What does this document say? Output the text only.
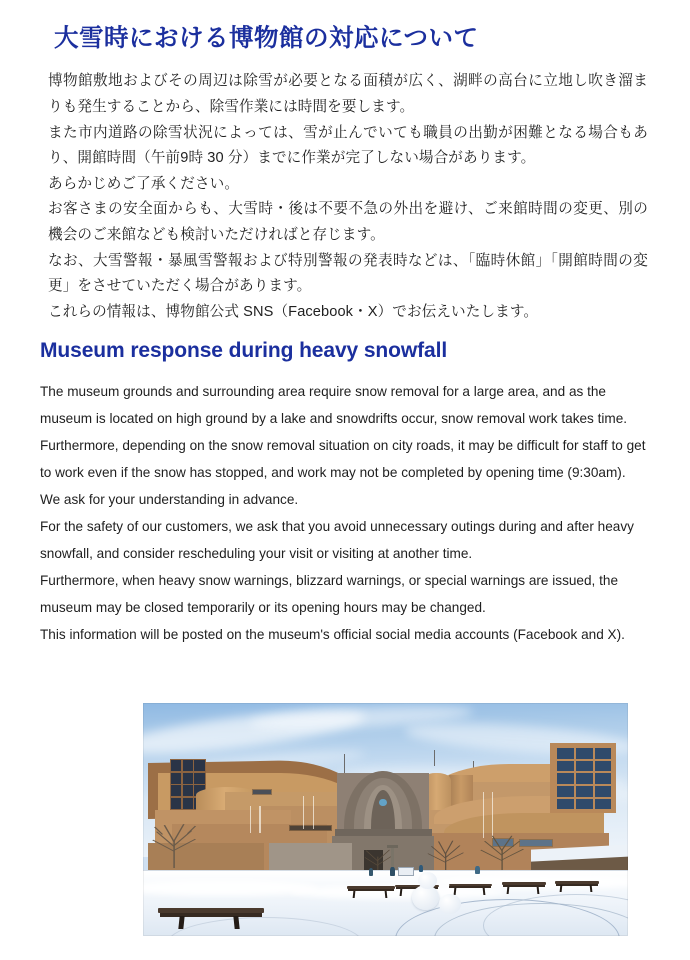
大雪時における博物館の対応について

博物館敷地およびその周辺は除雪が必要となる面積が広く、湖畔の高台に立地し吹き溜まりも発生することから、除雪作業には時間を要します。

また市内道路の除雪状況によっては、雪が止んでいても職員の出勤が困難となる場合もあり、開館時間（午前9時 30 分）までに作業が完了しない場合があります。

あらかじめご了承ください。

お客さまの安全面からも、大雪時・後は不要不急の外出を避け、ご来館時間の変更、別の機会のご来館なども検討いただければと存じます。

なお、大雪警報・暴風雪警報および特別警報の発表時などは、「臨時休館」「開館時間の変更」をさせていただく場合があります。

これらの情報は、博物館公式 SNS（Facebook・X）でお伝えいたします。

Museum response during heavy snowfall

The museum grounds and surrounding area require snow removal for a large area, and as the museum is located on high ground by a lake and snowdrifts occur, snow removal work takes time.

Furthermore, depending on the snow removal situation on city roads, it may be difficult for staff to get to work even if the snow has stopped, and work may not be completed by opening time (9:30am).

We ask for your understanding in advance.

For the safety of our customers, we ask that you avoid unnecessary outings during and after heavy snowfall, and consider rescheduling your visit or visiting at another time.

Furthermore, when heavy snow warnings, blizzard warnings, or special warnings are issued, the museum may be closed temporarily or its opening hours may be changed.

This information will be posted on the museum's official social media accounts (Facebook and X).
